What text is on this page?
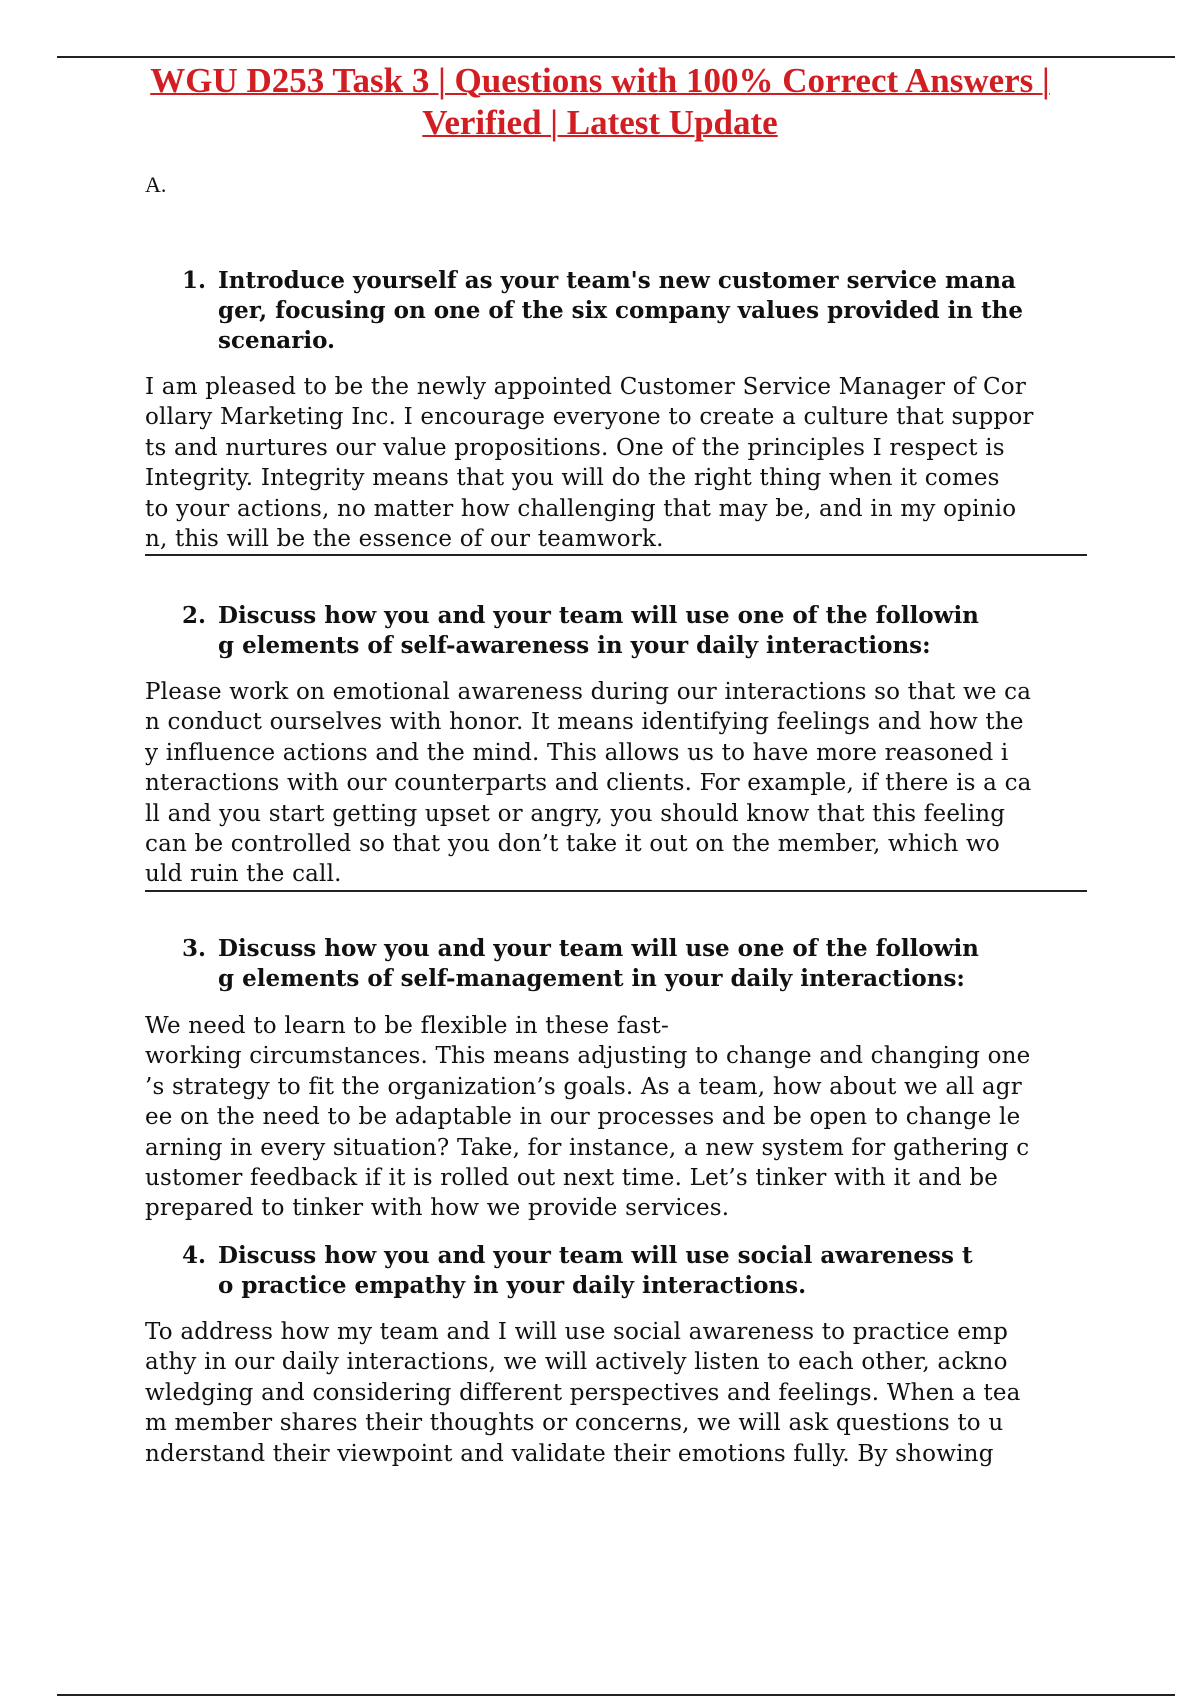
WGU D253 Task 3 | Questions with 100% Correct Answers |
Verified | Latest Update
A.
1. Introduce yourself as your team's new customer service mana
ger, focusing on one of the six company values provided in the
scenario.
I am pleased to be the newly appointed Customer Service Manager of Cor
ollary Marketing Inc. I encourage everyone to create a culture that suppor
ts and nurtures our value propositions. One of the principles I respect is
Integrity. Integrity means that you will do the right thing when it comes
to your actions, no matter how challenging that may be, and in my opinio
n, this will be the essence of our teamwork.
2. Discuss how you and your team will use one of the followin
g elements of self-awareness in your daily interactions:
Please work on emotional awareness during our interactions so that we ca
n conduct ourselves with honor. It means identifying feelings and how the
y influence actions and the mind. This allows us to have more reasoned i
nteractions with our counterparts and clients. For example, if there is a ca
ll and you start getting upset or angry, you should know that this feeling
can be controlled so that you don’t take it out on the member, which wo
uld ruin the call.
3. Discuss how you and your team will use one of the followin
g elements of self-management in your daily interactions:
We need to learn to be flexible in these fast-
working circumstances. This means adjusting to change and changing one
’s strategy to fit the organization’s goals. As a team, how about we all agr
ee on the need to be adaptable in our processes and be open to change le
arning in every situation? Take, for instance, a new system for gathering c
ustomer feedback if it is rolled out next time. Let’s tinker with it and be
prepared to tinker with how we provide services.
4. Discuss how you and your team will use social awareness t
o practice empathy in your daily interactions.
To address how my team and I will use social awareness to practice emp
athy in our daily interactions, we will actively listen to each other, ackno
wledging and considering different perspectives and feelings. When a tea
m member shares their thoughts or concerns, we will ask questions to u
nderstand their viewpoint and validate their emotions fully. By showing
